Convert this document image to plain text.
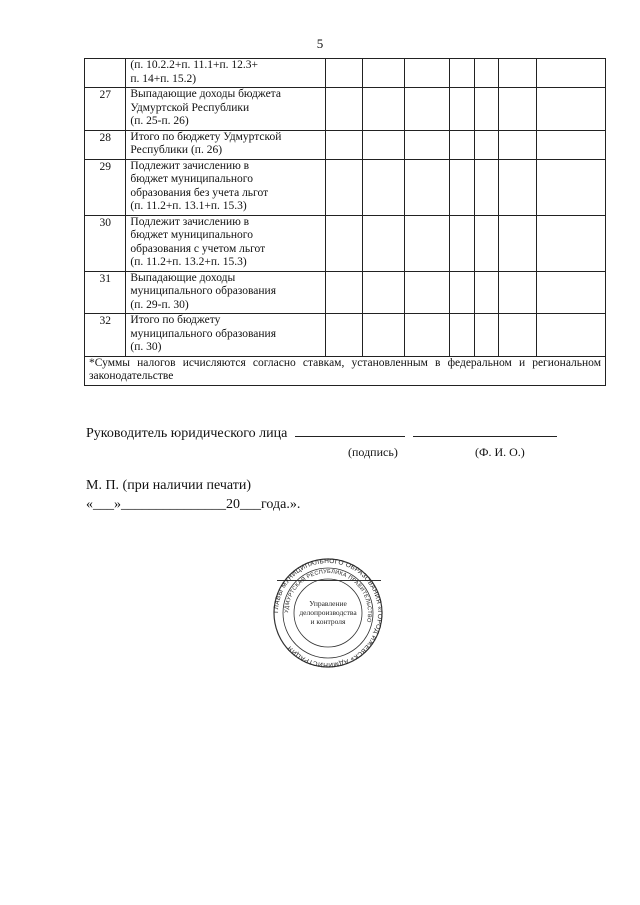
5
	(п. 10.2.2+п. 11.1+п. 12.3+
п. 14+п. 15.2)							
27	Выпадающие доходы бюджета
Удмуртской Республики
(п. 25-п. 26)							
28	Итого по бюджету Удмуртской
Республики (п. 26)							
29	Подлежит зачислению в
бюджет муниципального
образования без учета льгот
(п. 11.2+п. 13.1+п. 15.3)							
30	Подлежит зачислению в
бюджет муниципального
образования с учетом льгот
(п. 11.2+п. 13.2+п. 15.3)							
31	Выпадающие доходы
муниципального образования
(п. 29-п. 30)							
32	Итого по бюджету
муниципального образования
(п. 30)							
*Суммы налогов исчисляются согласно ставкам, установленным в федеральном и региональном законодательстве								
Руководитель юридического лица
(подпись)	(Ф. И. О.)
М. П. (при наличии печати)
«___»_______________20___года.».
ГЛАВЫ МУНИЦИПАЛЬНОГО ОБРАЗОВАНИЯ «ГОРОД ИЖЕВСК» АДМИНИСТРАЦИЯ
УДМУРТСКАЯ РЕСПУБЛИКА ПРАВИТЕЛЬСТВО
Управление
делопроизводства
и контроля
